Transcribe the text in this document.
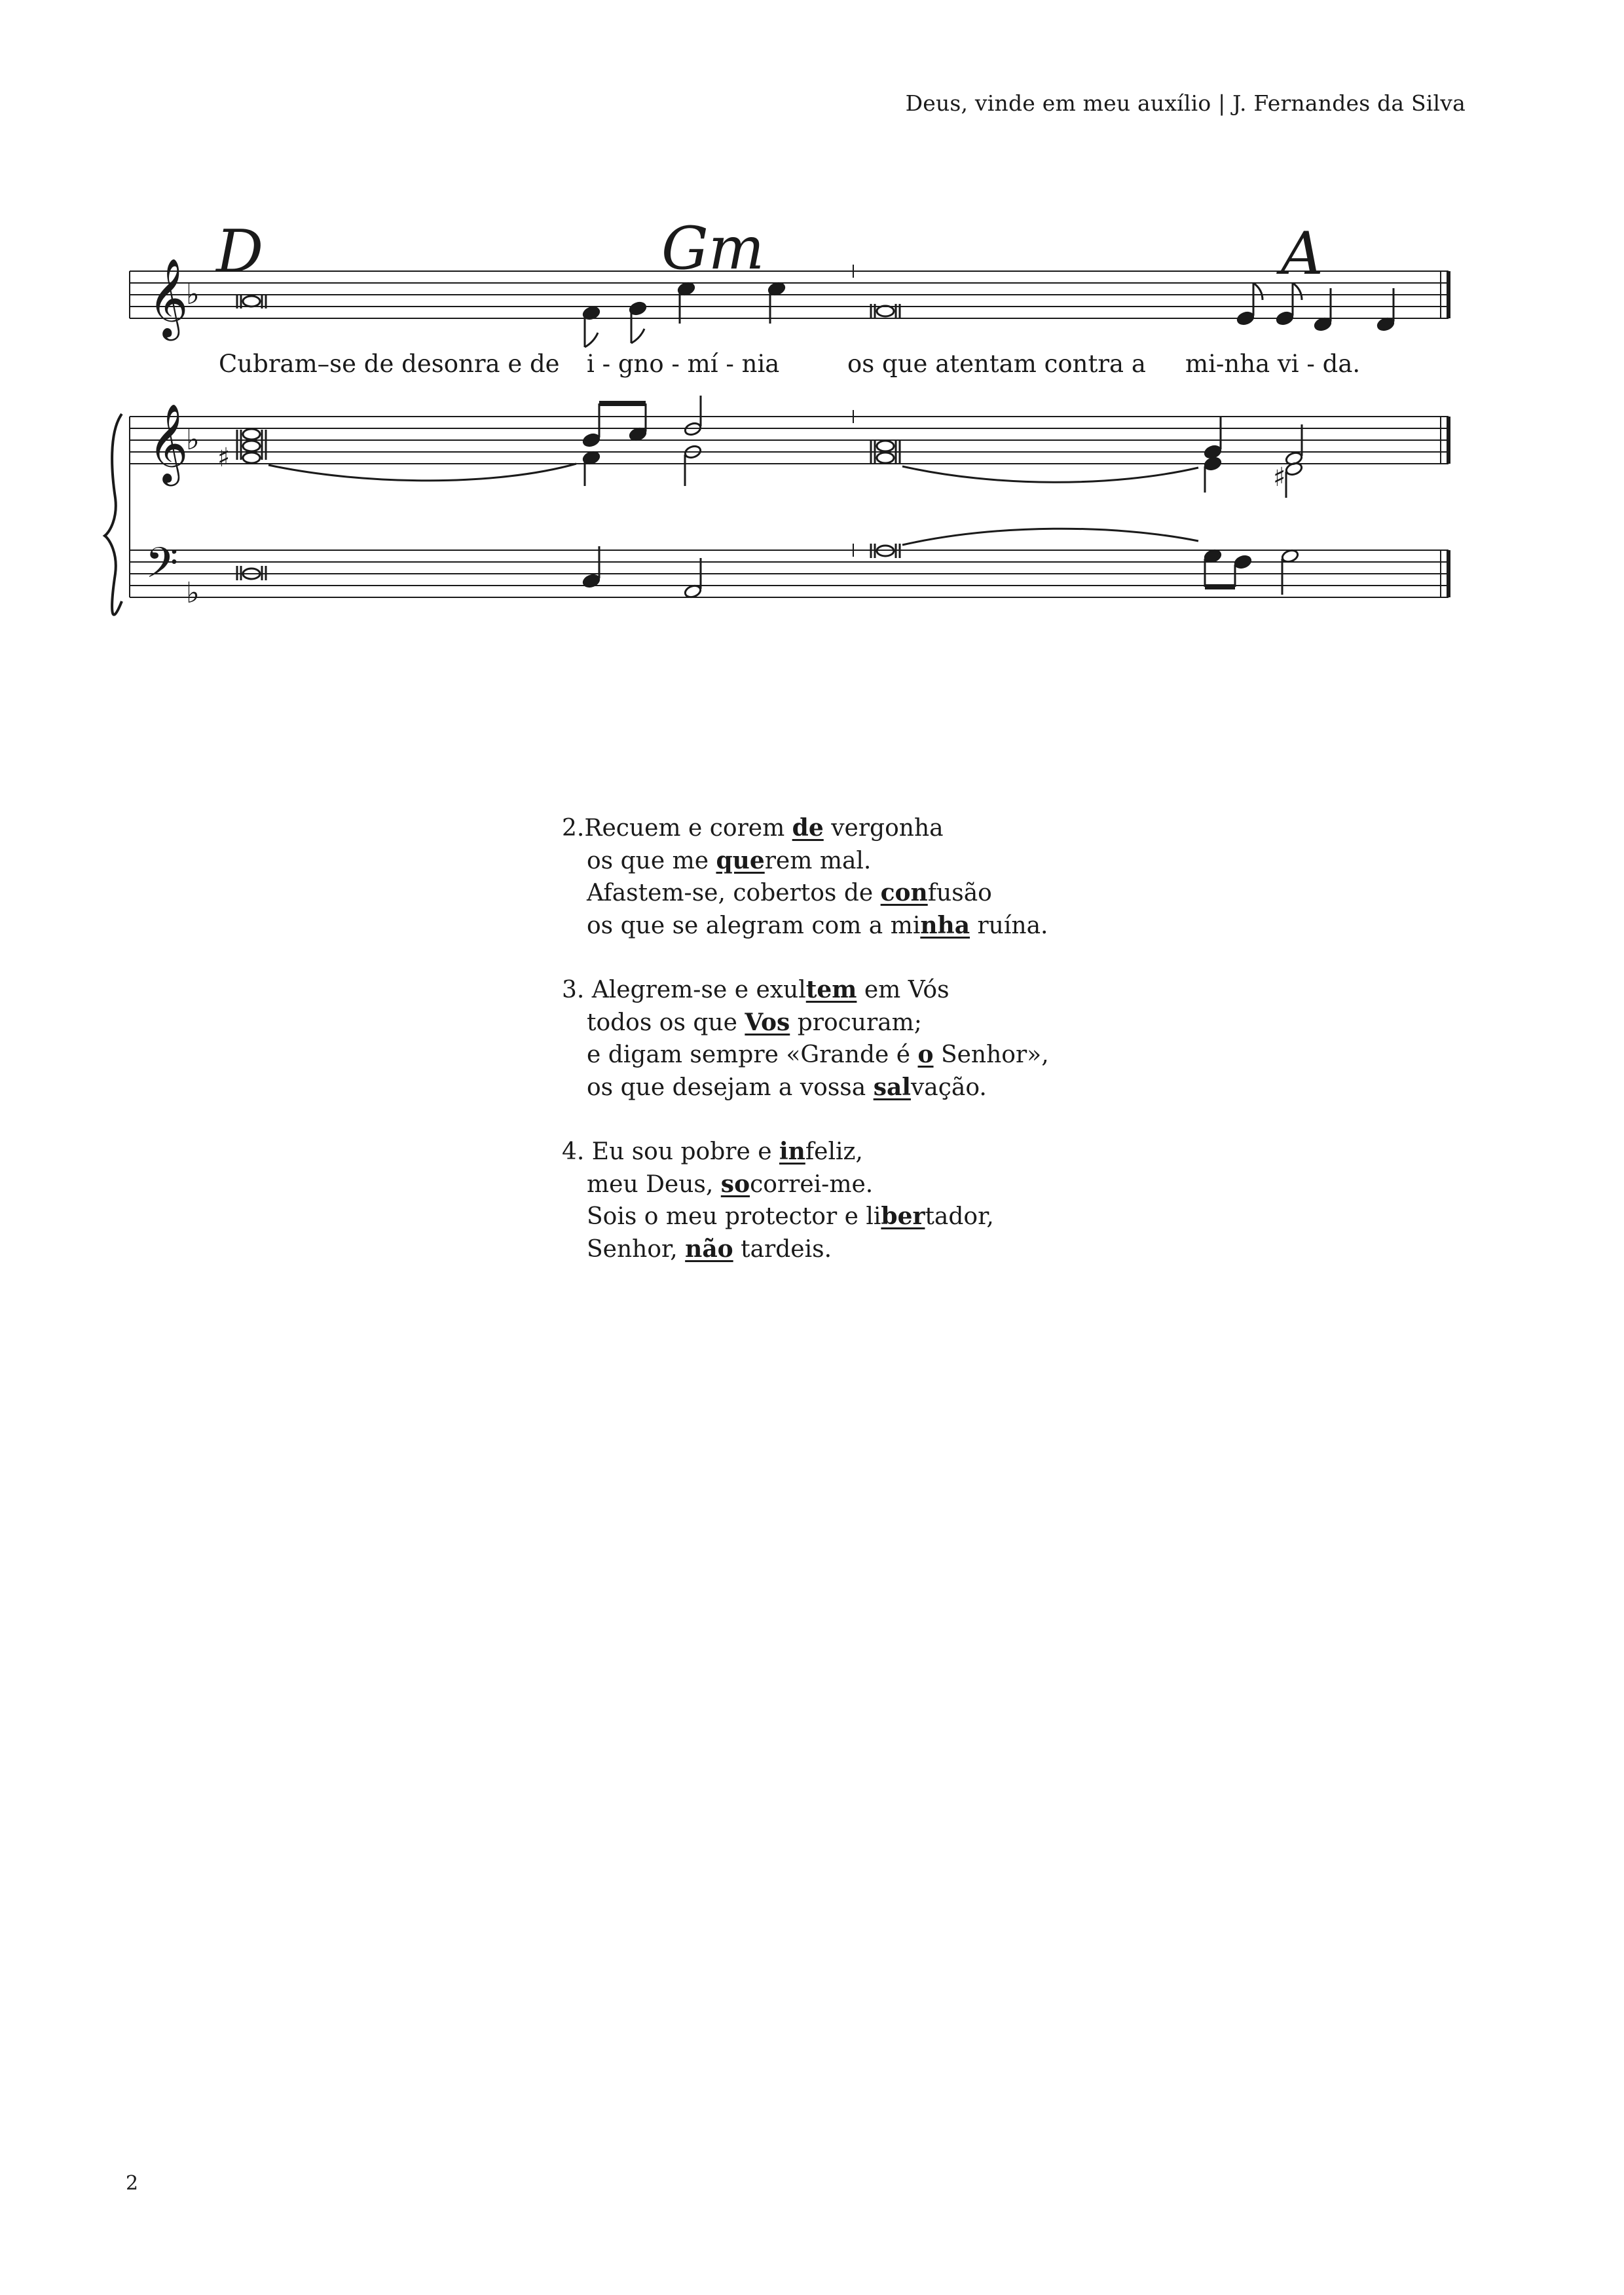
Deus, vinde em meu auxílio | J. Fernandes da Silva
𝄞
𝄞
𝄢
♭
♭
♭
♯
♯
D	Gm	A
Cubram–se de desonra e de i - gno - mí - nia	os que atentam contra a mi-nha vi - da.
2.Recuem e corem de vergonha
os que me querem mal.
Afastem-se, cobertos de confusão
os que se alegram com a minha ruína.
3. Alegrem-se e exultem em Vós
todos os que Vos procuram;
e digam sempre «Grande é o Senhor»,
os que desejam a vossa salvação.
4. Eu sou pobre e infeliz,
meu Deus, socorrei-me.
Sois o meu protector e libertador,
Senhor, não tardeis.
2
